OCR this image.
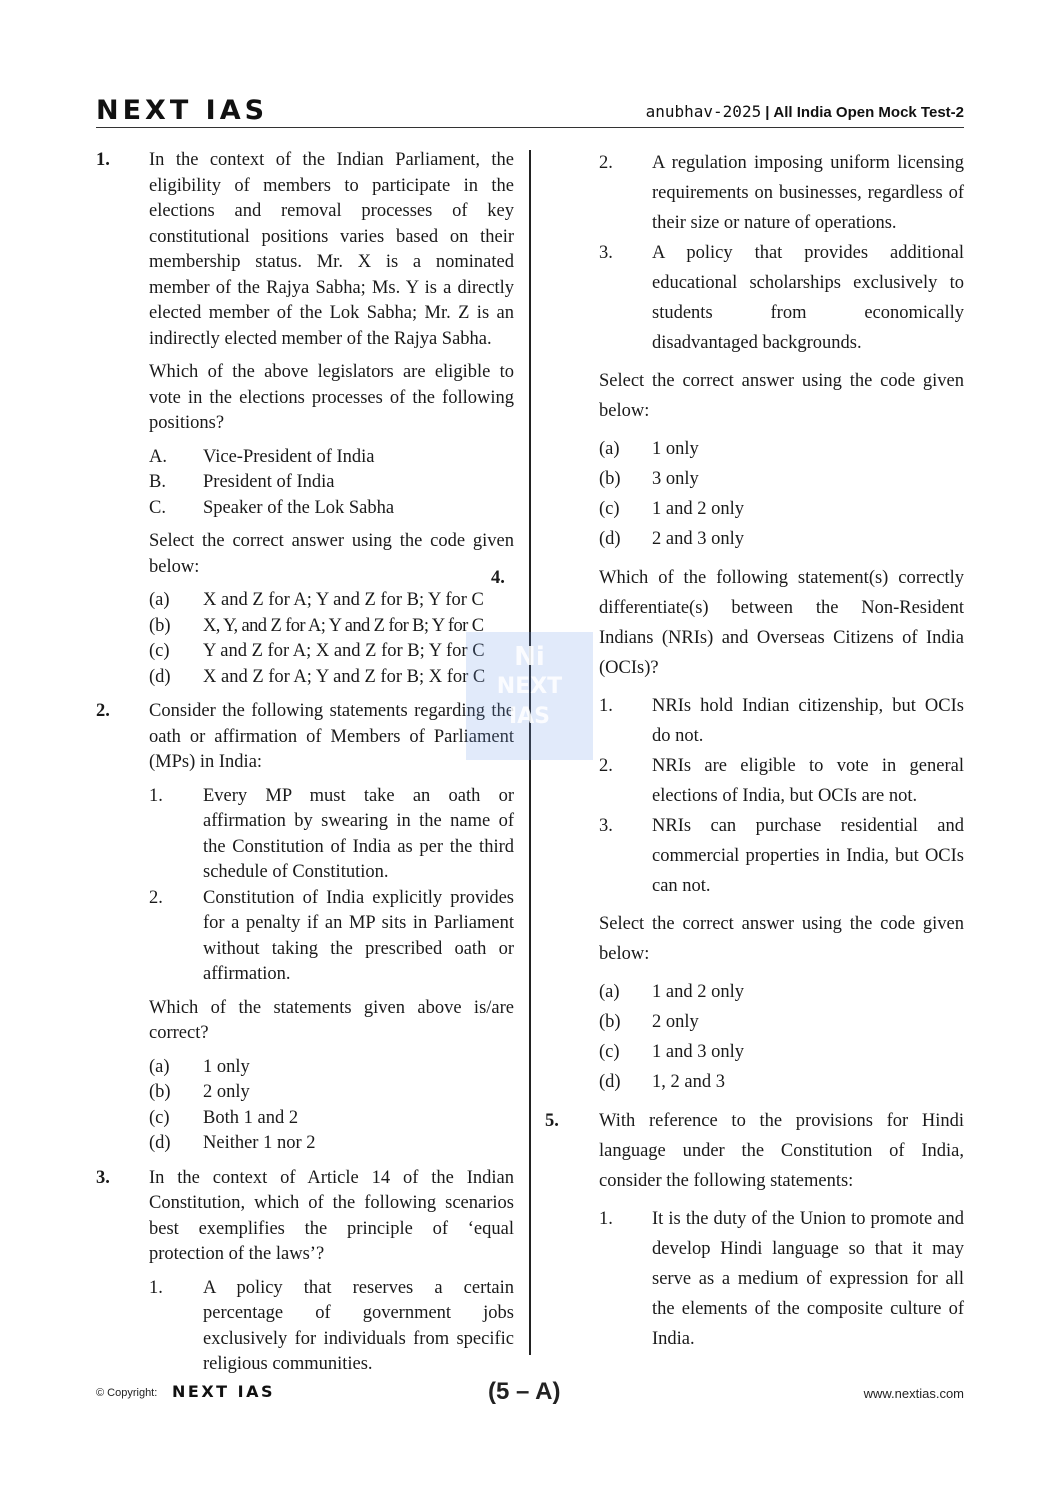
NEXT IAS	anubhav-2025 | All India Open Mock Test-2
1. In the context of the Indian Parliament, the eligibility of members to participate in the elections and removal processes of key constitutional positions varies based on their membership status. Mr. X is a nominated member of the Rajya Sabha; Ms. Y is a directly elected member of the Lok Sabha; Mr. Z is an indirectly elected member of the Rajya Sabha.
Which of the above legislators are eligible to vote in the elections processes of the following positions?
A. Vice-President of India
B. President of India
C. Speaker of the Lok Sabha
Select the correct answer using the code given below:
(a) X and Z for A; Y and Z for B; Y for C
(b) X, Y, and Z for A; Y and Z for B; Y for C
(c) Y and Z for A; X and Z for B; Y for C
(d) X and Z for A; Y and Z for B; X for C
2. Consider the following statements regarding the oath or affirmation of Members of Parliament (MPs) in India:
1. Every MP must take an oath or affirmation by swearing in the name of the Constitution of India as per the third schedule of Constitution.
2. Constitution of India explicitly provides for a penalty if an MP sits in Parliament without taking the prescribed oath or affirmation.
Which of the statements given above is/are correct?
(a) 1 only
(b) 2 only
(c) Both 1 and 2
(d) Neither 1 nor 2
3. In the context of Article 14 of the Indian Constitution, which of the following scenarios best exemplifies the principle of ‘equal protection of the laws’?
1. A policy that reserves a certain percentage of government jobs exclusively for individuals from specific religious communities.
2. A regulation imposing uniform licensing requirements on businesses, regardless of their size or nature of operations.
3. A policy that provides additional educational scholarships exclusively to students from economically disadvantaged backgrounds.
Select the correct answer using the code given below:
(a) 1 only
(b) 3 only
(c) 1 and 2 only
(d) 2 and 3 only
4.	Which of the following statement(s) correctly differentiate(s) between the Non-Resident Indians (NRIs) and Overseas Citizens of India (OCIs)?
1. NRIs hold Indian citizenship, but OCIs do not.
2. NRIs are eligible to vote in general elections of India, but OCIs are not.
3. NRIs can purchase residential and commercial properties in India, but OCIs can not.
Select the correct answer using the code given below:
(a) 1 and 2 only
(b) 2 only
(c) 1 and 3 only
(d) 1, 2 and 3
5. With reference to the provisions for Hindi language under the Constitution of India, consider the following statements:
1. It is the duty of the Union to promote and develop Hindi language so that it may serve as a medium of expression for all the elements of the composite culture of India.
Ni
NEXT
IAS
© Copyright: NEXT IAS	(5 – A)	www.nextias.com
